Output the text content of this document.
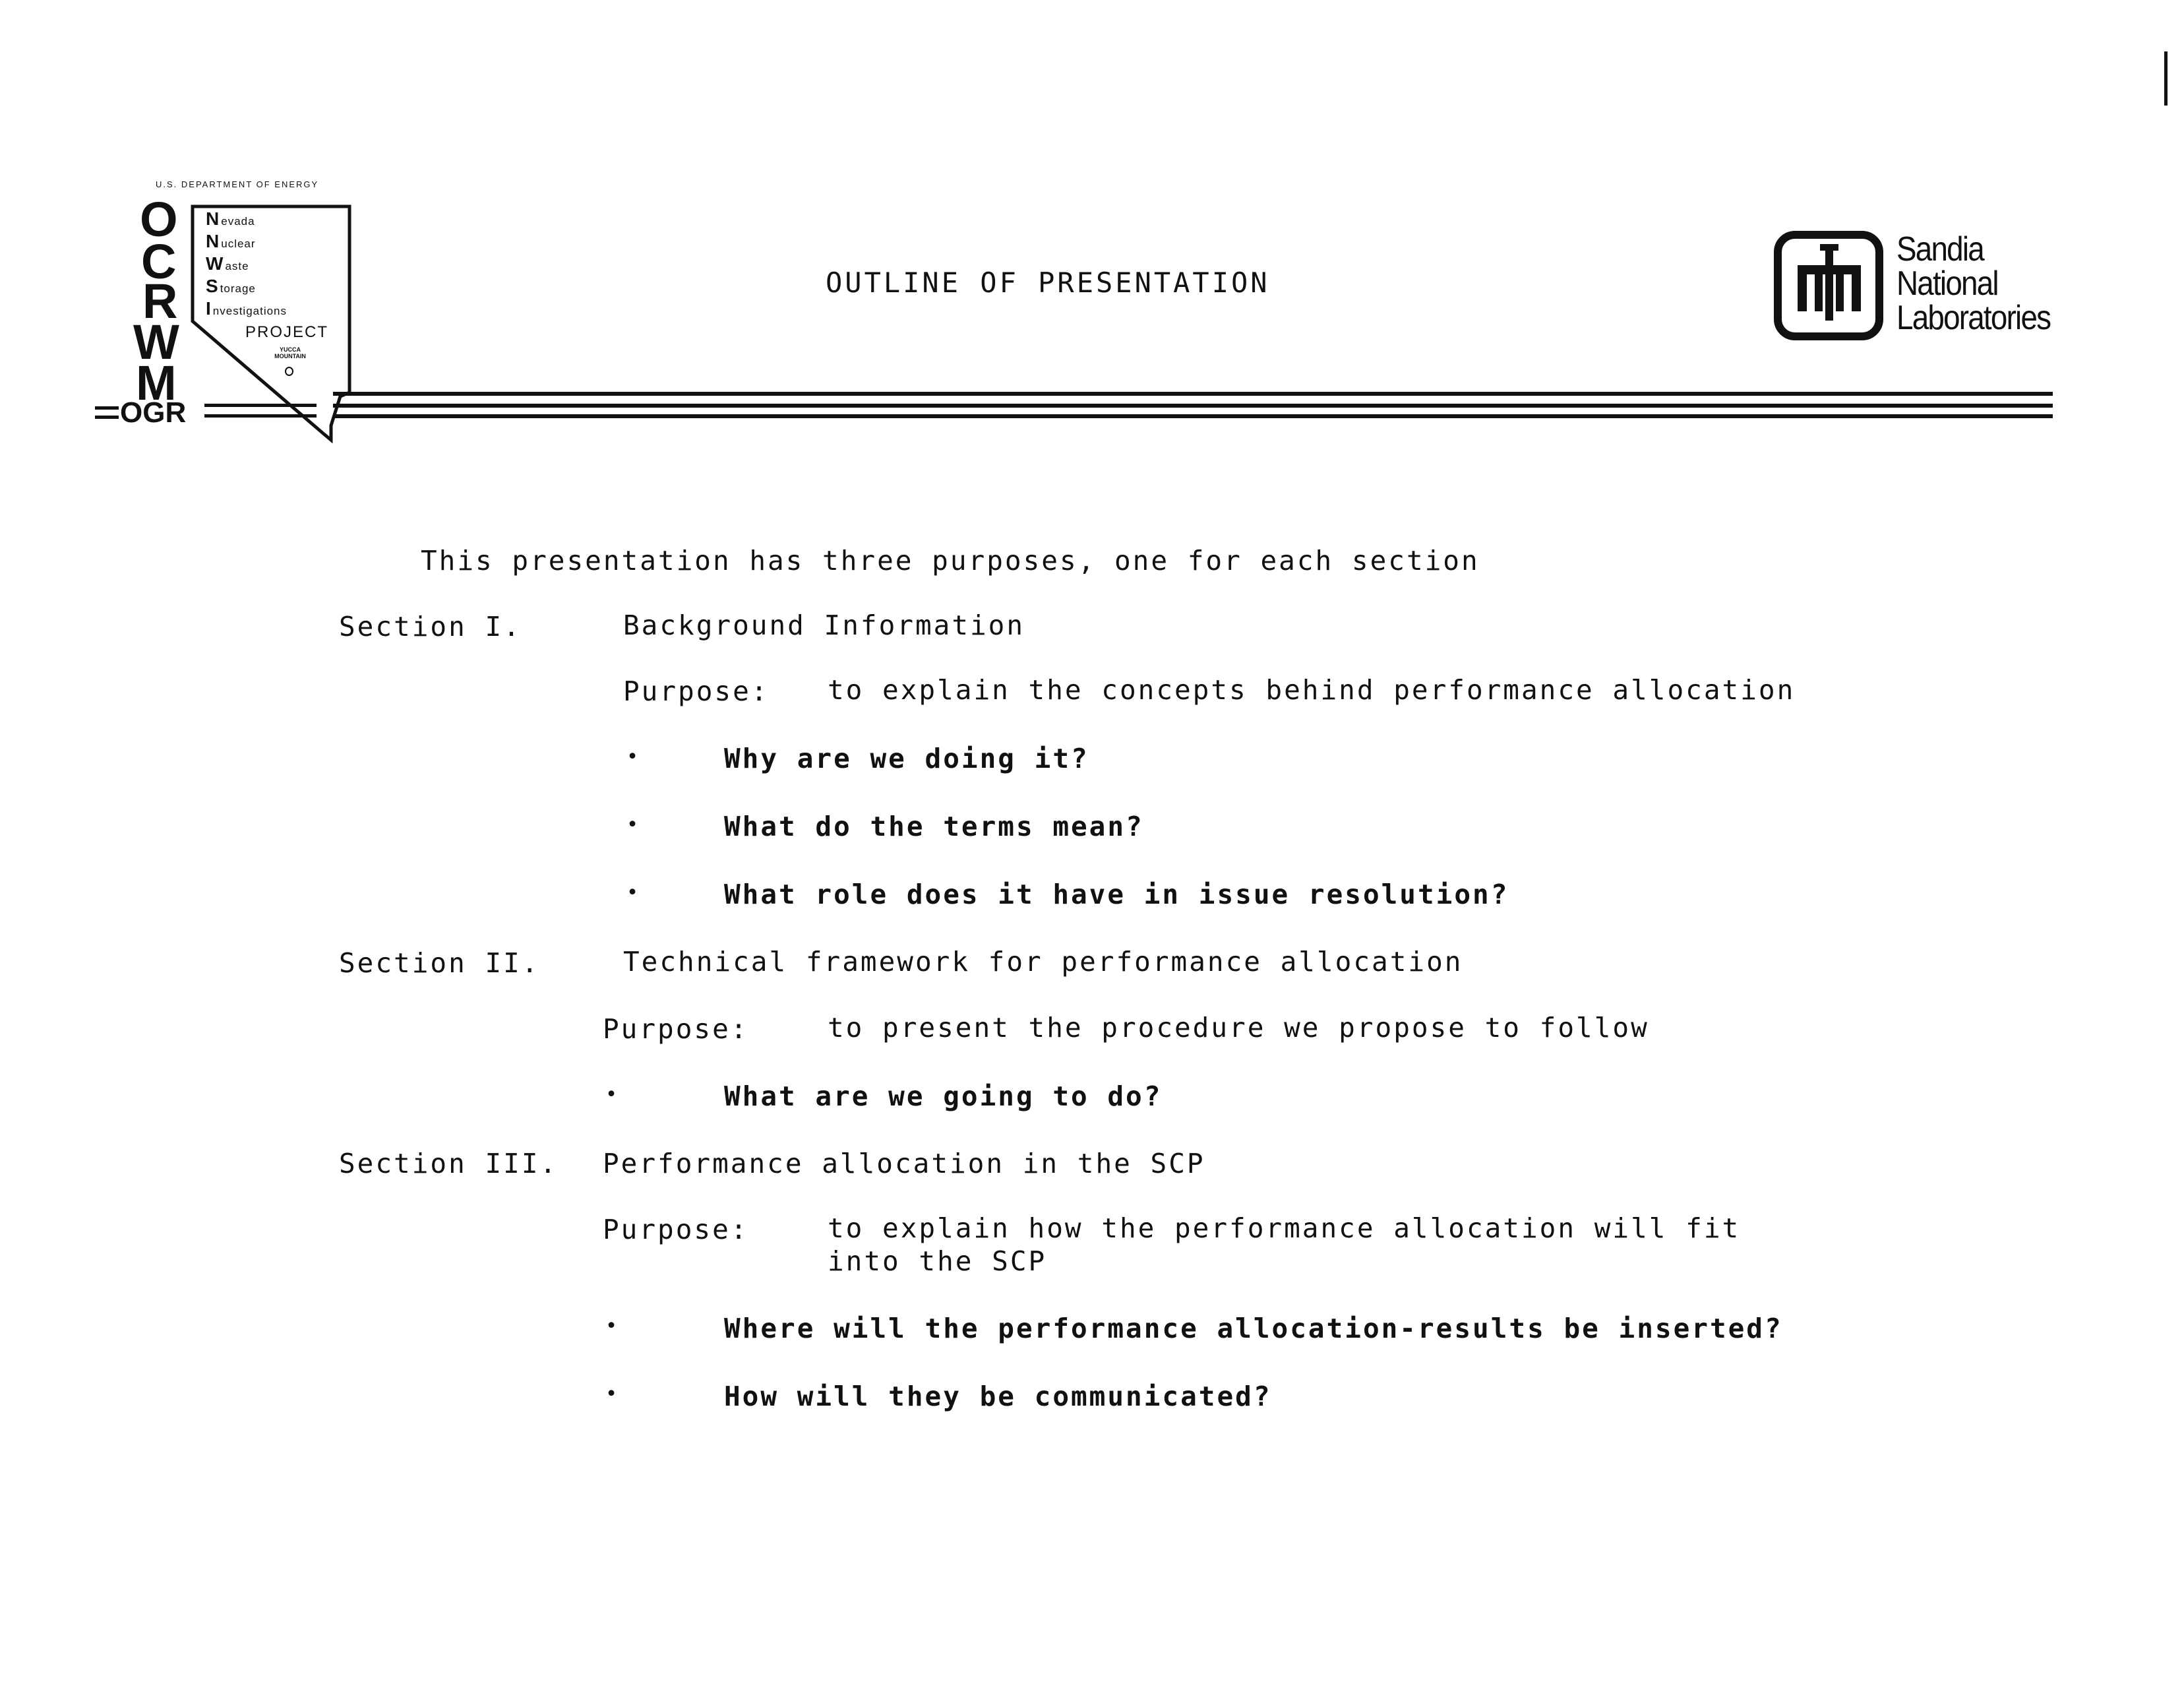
U.S. DEPARTMENT OF ENERGY
O
C
R
W
M
Nevada
Nuclear
Waste
Storage
Investigations
PROJECT
YUCCA MOUNTAIN
OGR
OUTLINE OF PRESENTATION
Sandia
National
Laboratories
This presentation has three purposes, one for each section
Section I.	Background Information
Purpose: to explain the concepts behind performance allocation
•	Why are we doing it?
•	What do the terms mean?
•	What role does it have in issue resolution?
Section II.	Technical framework for performance allocation
Purpose:	to present the procedure we propose to follow
•	What are we going to do?
Section III. Performance allocation in the SCP
Purpose:	to explain how the performance allocation will fit
into the SCP
•	Where will the performance allocation-results be inserted?
•	How will they be communicated?
